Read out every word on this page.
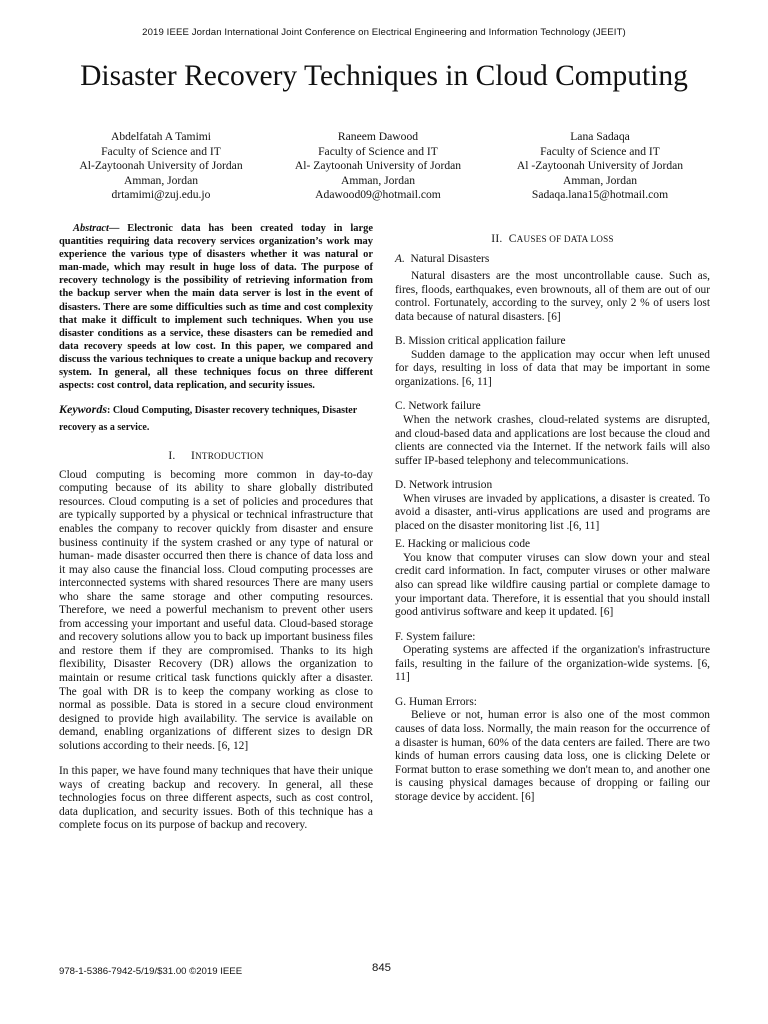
2019 IEEE Jordan International Joint Conference on Electrical Engineering and Information Technology (JEEIT)
Disaster Recovery Techniques in Cloud Computing
Abdelfatah A Tamimi
Faculty of Science and IT
Al-Zaytoonah University of Jordan
Amman, Jordan
drtamimi@zuj.edu.jo
Raneem Dawood
Faculty of Science and IT
Al- Zaytoonah University of Jordan
Amman, Jordan
Adawood09@hotmail.com
Lana Sadaqa
Faculty of Science and IT
Al -Zaytoonah University of Jordan
Amman, Jordan
Sadaqa.lana15@hotmail.com

Abstract— Electronic data has been created today in large quantities requiring data recovery services organization’s work may experience the various type of disasters whether it was natural or man-made, which may result in huge loss of data. The purpose of recovery technology is the possibility of retrieving information from the backup server when the main data server is lost in the event of disasters. There are some difficulties such as time and cost complexity that make it difficult to implement such techniques. When you use disaster conditions as a service, these disasters can be remedied and data recovery speeds at low cost. In this paper, we compared and discuss the various techniques to create a unique backup and recovery system. In general, all these techniques focus on three different aspects: cost control, data replication, and security issues.

Keywords: Cloud Computing, Disaster recovery techniques, Disaster recovery as a service.

I. INTRODUCTION

Cloud computing is becoming more common in day-to-day computing because of its ability to share globally distributed resources. Cloud computing is a set of policies and procedures that are typically supported by a physical or technical infrastructure that enables the company to recover quickly from disaster and ensure business continuity if the system crashed or any type of natural or human- made disaster occurred then there is chance of data loss and it may also cause the financial loss. Cloud computing processes are interconnected systems with shared resources There are many users who share the same storage and other computing resources. Therefore, we need a powerful mechanism to prevent other users from accessing your important and useful data. Cloud-based storage and recovery solutions allow you to back up important business files and restore them if they are compromised. Thanks to its high flexibility, Disaster Recovery (DR) allows the organization to maintain or resume critical task functions quickly after a disaster. The goal with DR is to keep the company working as close to normal as possible. Data is stored in a secure cloud environment designed to provide high availability. The service is available on demand, enabling organizations of different sizes to design DR solutions according to their needs. [6, 12]

In this paper, we have found many techniques that have their unique ways of creating backup and recovery. In general, all these technologies focus on three different aspects, such as cost control, data duplication, and security issues. Both of this technique has a complete focus on its purpose of backup and recovery.

II. CAUSES OF DATA LOSS
A. Natural Disasters

Natural disasters are the most uncontrollable cause. Such as, fires, floods, earthquakes, even brownouts, all of them are out of our control. Fortunately, according to the survey, only 2 % of users lost data because of natural disasters. [6]

B. Mission critical application failure

Sudden damage to the application may occur when left unused for days, resulting in loss of data that may be important in some organizations. [6, 11]

C. Network failure

When the network crashes, cloud-related systems are disrupted, and cloud-based data and applications are lost because the cloud and clients are connected via the Internet. If the network fails will also suffer IP-based telephony and telecommunications.

D. Network intrusion

When viruses are invaded by applications, a disaster is created. To avoid a disaster, anti-virus applications are used and programs are placed on the disaster monitoring list .[6, 11]

E. Hacking or malicious code

You know that computer viruses can slow down your and steal credit card information. In fact, computer viruses or other malware also can spread like wildfire causing partial or complete damage to your important data. Therefore, it is essential that you should install good antivirus software and keep it updated. [6]

F. System failure:

Operating systems are affected if the organization's infrastructure fails, resulting in the failure of the organization-wide systems. [6, 11]

G. Human Errors:

Believe or not, human error is also one of the most common causes of data loss. Normally, the main reason for the occurrence of a disaster is human, 60% of the data centers are failed. There are two kinds of human errors causing data loss, one is clicking Delete or Format button to erase something we don't mean to, and another one is causing physical damages because of dropping or failing our storage device by accident. [6]

978-1-5386-7942-5/19/$31.00 ©2019 IEEE	845
